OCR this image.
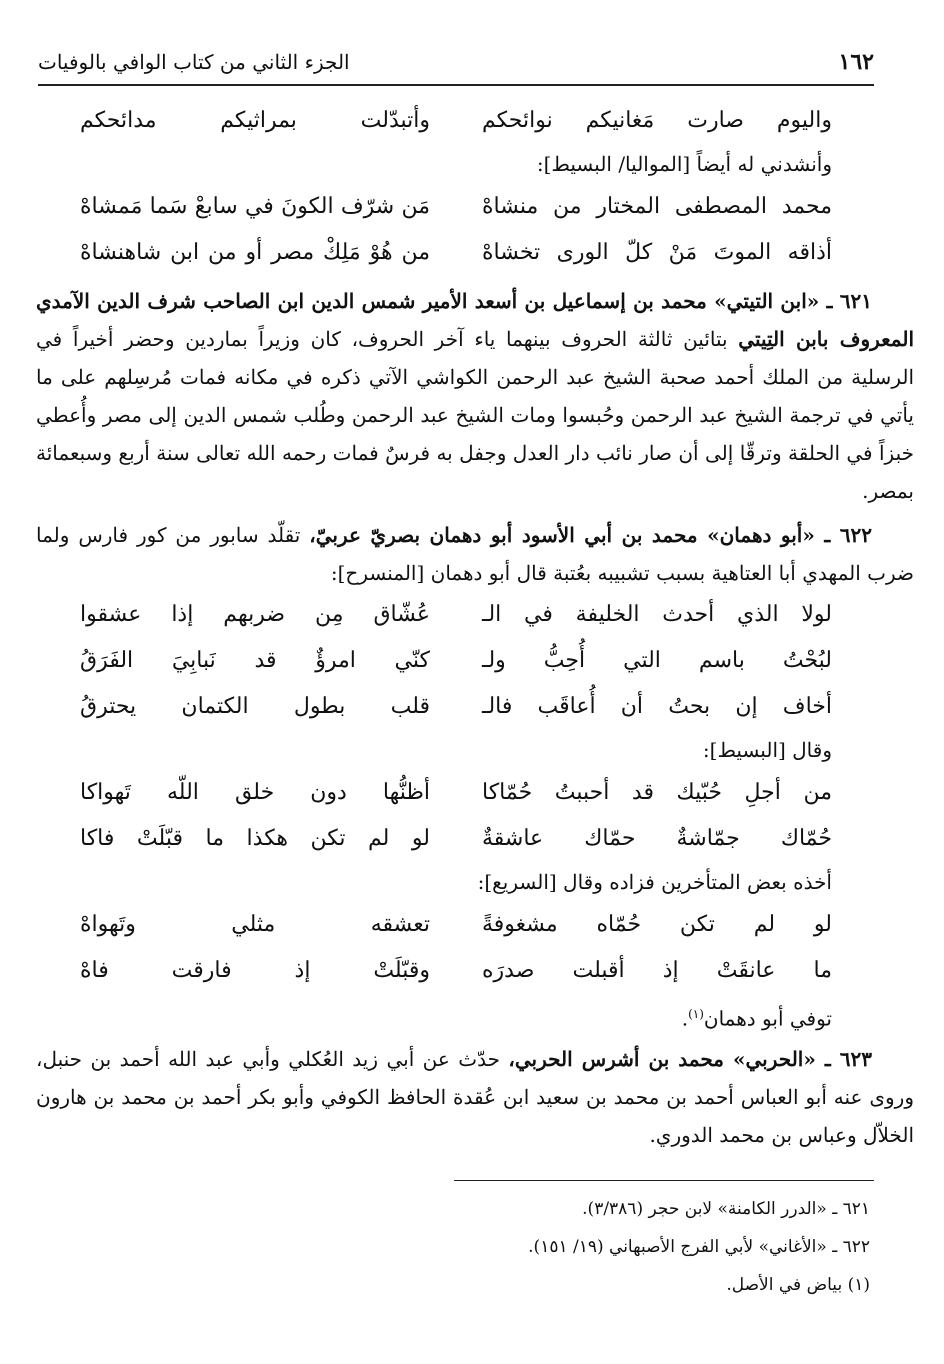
١٦٢
الجزء الثاني من كتاب الوافي بالوفيات
واليوم صارت مَغانيكم نوائحكم
وأتبدّلت بمراثيكم مدائحكم
وأنشدني له أيضاً [المواليا/ البسيط]:
محمد المصطفى المختار من منشاهْ
مَن شرّف الكونَ في سابعْ سَما مَمشاهْ
أذاقه الموتَ مَنْ كلّ الورى تخشاهْ
من هُوْ مَلِكْ مصر أو من ابن شاهنشاهْ

٦٢١ ـ «ابن التيتي» محمد بن إسماعيل بن أسعد الأمير شمس الدين ابن الصاحب شرف الدين الآمدي المعروف بابن التِيتي بتائين ثالثة الحروف بينهما ياء آخر الحروف، كان وزيراً بماردين وحضر أخيراً في الرسلية من الملك أحمد صحبة الشيخ عبد الرحمن الكواشي الآتي ذكره في مكانه فمات مُرسِلهم على ما يأتي في ترجمة الشيخ عبد الرحمن وحُبسوا ومات الشيخ عبد الرحمن وطُلب شمس الدين إلى مصر وأُعطي خبزاً في الحلقة وترقّا إلى أن صار نائب دار العدل وجفل به فرسٌ فمات رحمه الله تعالى سنة أربع وسبعمائة بمصر.

٦٢٢ ـ «أبو دهمان» محمد بن أبي الأسود أبو دهمان بصريّ عربيّ، تقلّد سابور من كور فارس ولما ضرب المهدي أبا العتاهية بسبب تشبيبه بعُتبة قال أبو دهمان [المنسرح]:

لولا الذي أحدث الخليفة في الـ
عُشّاق مِن ضربهم إذا عشقوا
لبُحْتُ باسم التي أُحِبُّ ولـ
كنّي امرؤٌ قد نَبابِيَ الفَرَقُ
أخاف إن بحتُ أن أُعاقَب فالـ
قلب بطول الكتمان يحترقُ
وقال [البسيط]:
من أجلِ حُبّيك قد أحببتُ حُمّاكا
أظنُّها دون خلق اللّه تَهواكا
حُمّاك جمّاشةٌ حمّاك عاشقةٌ
لو لم تكن هكذا ما قبّلَتْ فاكا
أخذه بعض المتأخرين فزاده وقال [السريع]:
لو لم تكن حُمّاه مشغوفةً
تعشقه مثلي وتَهواهْ
ما عانقَتْ إذ أقبلت صدرَه
وقبّلَتْ إذ فارقت فاهْ
توفي أبو دهمان$^{(١)}$.

٦٢٣ ـ «الحربي» محمد بن أشرس الحربي، حدّث عن أبي زيد العُكلي وأبي عبد الله أحمد بن حنبل، وروى عنه أبو العباس أحمد بن محمد بن سعيد ابن عُقدة الحافظ الكوفي وأبو بكر أحمد بن محمد بن هارون الخلاّل وعباس بن محمد الدوري.

٦٢١ ـ «الدرر الكامنة» لابن حجر (٣/٣٨٦).
٦٢٢ ـ «الأغاني» لأبي الفرج الأصبهاني (١٩/ ١٥١).
(١) بياض في الأصل.
